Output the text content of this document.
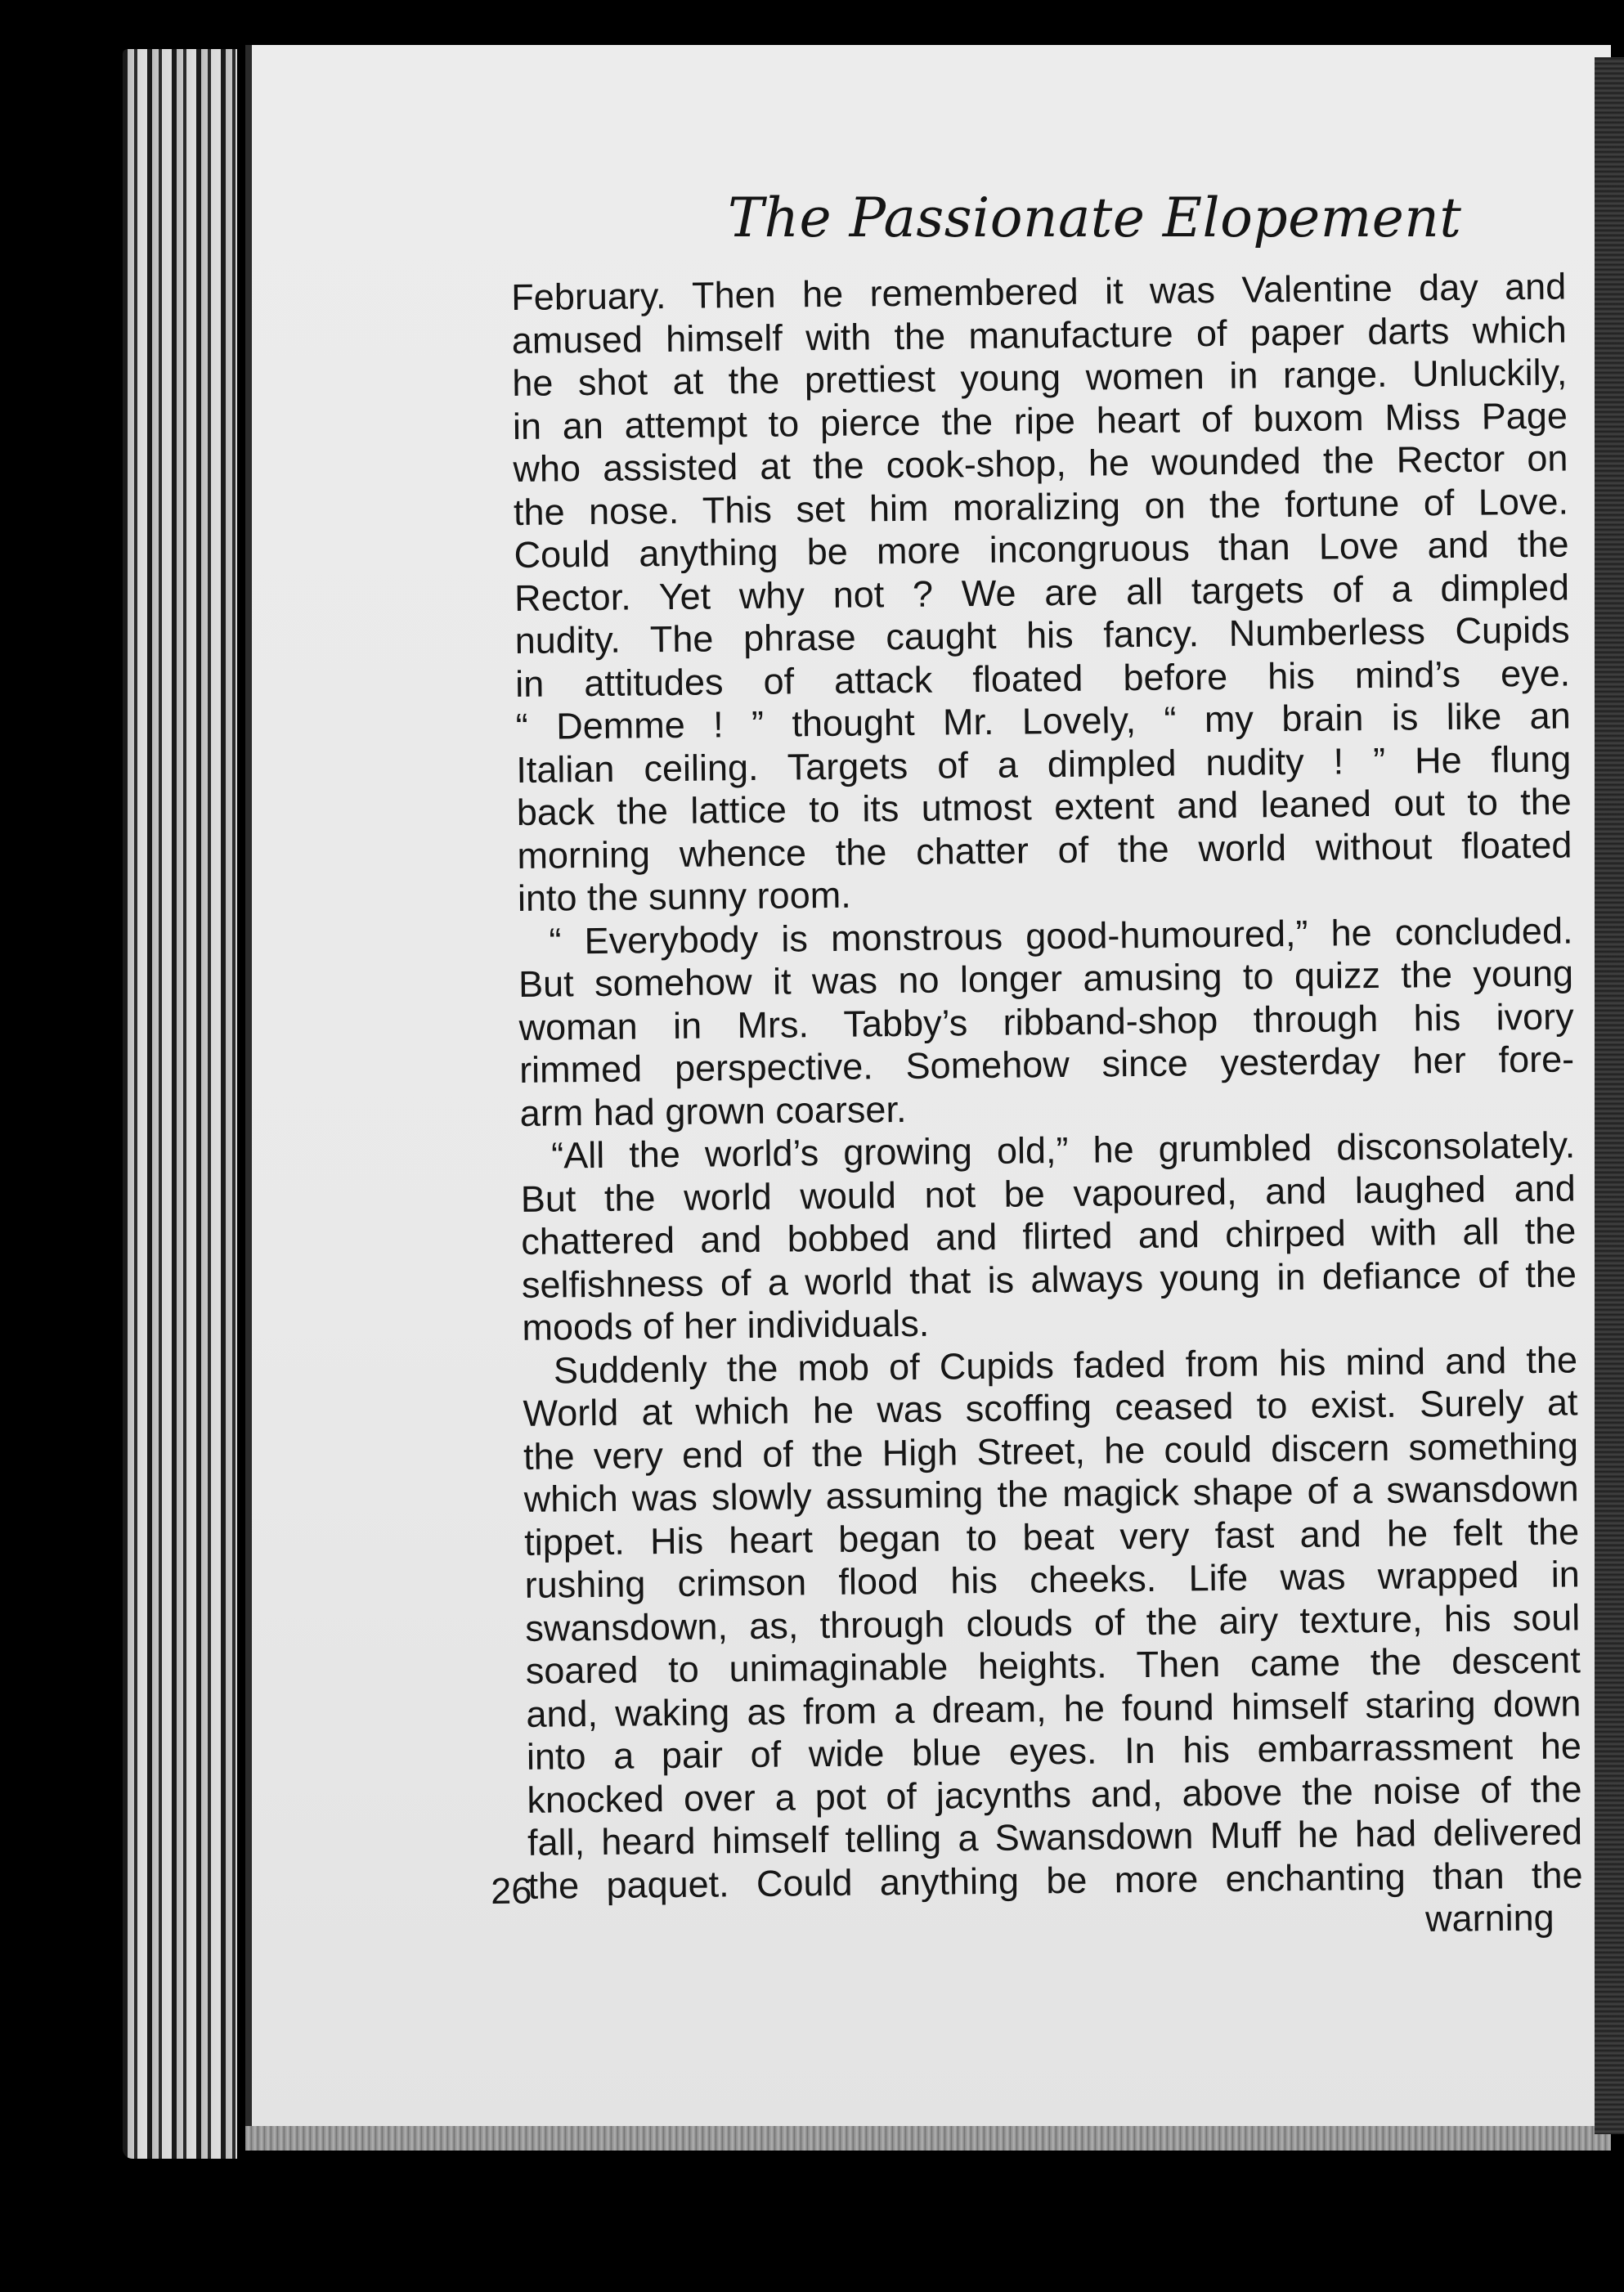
The Passionate Elopement
February. Then he remembered it was Valentine day and
amused himself with the manufacture of paper darts which
he shot at the prettiest young women in range. Unluckily,
in an attempt to pierce the ripe heart of buxom Miss Page
who assisted at the cook-shop, he wounded the Rector on
the nose. This set him moralizing on the fortune of Love.
Could anything be more incongruous than Love and the
Rector. Yet why not ? We are all targets of a dimpled
nudity. The phrase caught his fancy. Numberless Cupids
in attitudes of attack floated before his mind’s eye.
“ Demme ! ” thought Mr. Lovely, “ my brain is like an
Italian ceiling. Targets of a dimpled nudity ! ” He flung
back the lattice to its utmost extent and leaned out to the
morning whence the chatter of the world without floated
into the sunny room.
“ Everybody is monstrous good-humoured,” he concluded.
But somehow it was no longer amusing to quizz the young
woman in Mrs. Tabby’s ribband-shop through his ivory
rimmed perspective. Somehow since yesterday her fore-
arm had grown coarser.
“All the world’s growing old,” he grumbled disconsolately.
But the world would not be vapoured, and laughed and
chattered and bobbed and flirted and chirped with all the
selfishness of a world that is always young in defiance of the
moods of her individuals.
Suddenly the mob of Cupids faded from his mind and the
World at which he was scoffing ceased to exist. Surely at
the very end of the High Street, he could discern something
which was slowly assuming the magick shape of a swansdown
tippet. His heart began to beat very fast and he felt the
rushing crimson flood his cheeks. Life was wrapped in
swansdown, as, through clouds of the airy texture, his soul
soared to unimaginable heights. Then came the descent
and, waking as from a dream, he found himself staring down
into a pair of wide blue eyes. In his embarrassment he
knocked over a pot of jacynths and, above the noise of the
fall, heard himself telling a Swansdown Muff he had delivered
the paquet. Could anything be more enchanting than the
26
warning
